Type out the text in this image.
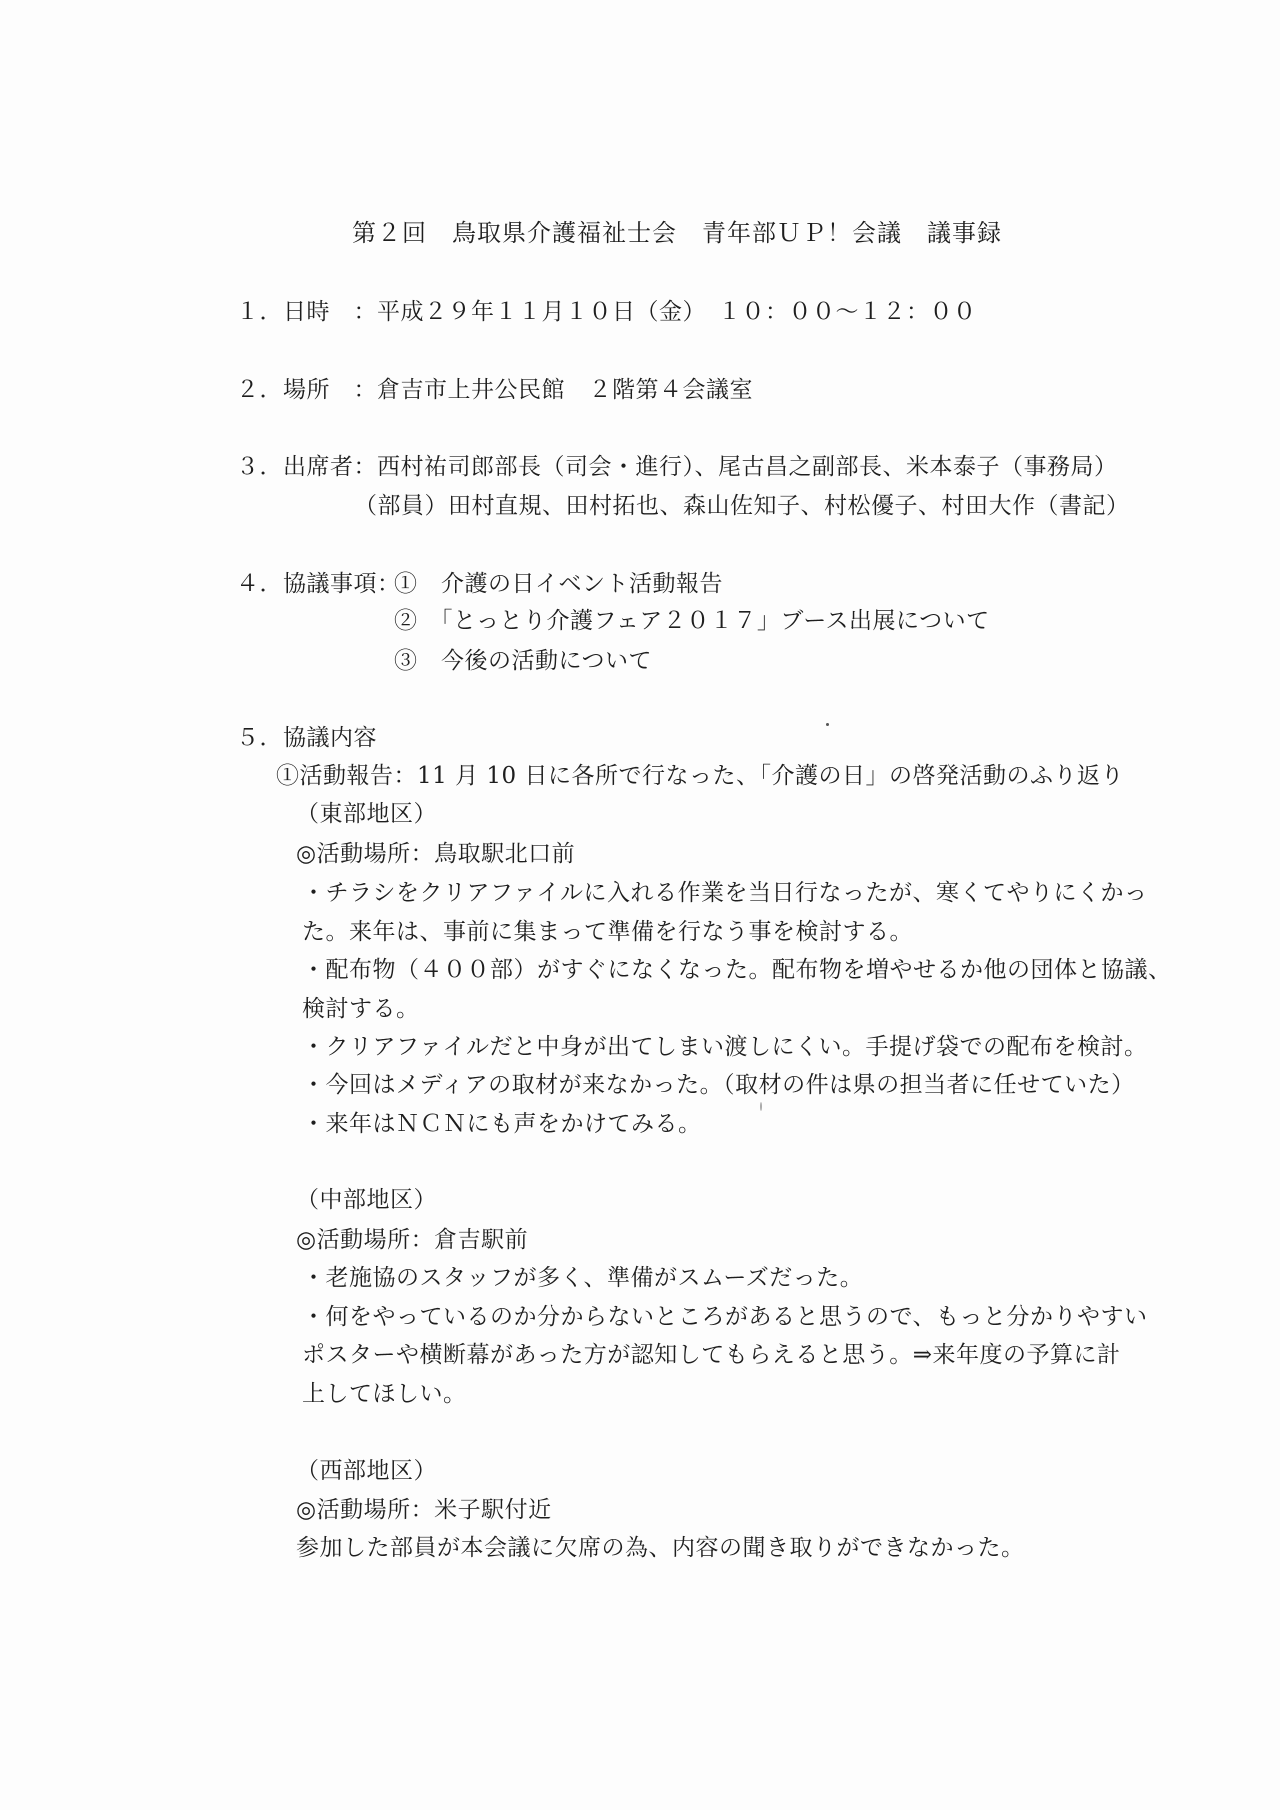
第２回　鳥取県介護福祉士会　青年部ＵＰ！会議　議事録
１．日時　：平成２９年１１月１０日（金）　１０：００～１２：００
２．場所　：倉吉市上井公民館　２階第４会議室
３．出席者：西村祐司郎部長（司会・進行）、尾古昌之副部長、米本泰子（事務局）
（部員）田村直規、田村拓也、森山佐知子、村松優子、村田大作（書記）
４．協議事項：
①　介護の日イベント活動報告
②　「とっとり介護フェア２０１７」ブース出展について
③　今後の活動について
５．協議内容
①活動報告：11 月 10 日に各所で行なった、「介護の日」の啓発活動のふり返り
（東部地区）
◎活動場所：鳥取駅北口前
・チラシをクリアファイルに入れる作業を当日行なったが、寒くてやりにくかっ
た。来年は、事前に集まって準備を行なう事を検討する。
・配布物（４００部）がすぐになくなった。配布物を増やせるか他の団体と協議、
検討する。
・クリアファイルだと中身が出てしまい渡しにくい。手提げ袋での配布を検討。
・今回はメディアの取材が来なかった。（取材の件は県の担当者に任せていた）
・来年はＮＣＮにも声をかけてみる。
（中部地区）
◎活動場所：倉吉駅前
・老施協のスタッフが多く、準備がスムーズだった。
・何をやっているのか分からないところがあると思うので、もっと分かりやすい
ポスターや横断幕があった方が認知してもらえると思う。⇒来年度の予算に計
上してほしい。
（西部地区）
◎活動場所：米子駅付近
参加した部員が本会議に欠席の為、内容の聞き取りができなかった。
